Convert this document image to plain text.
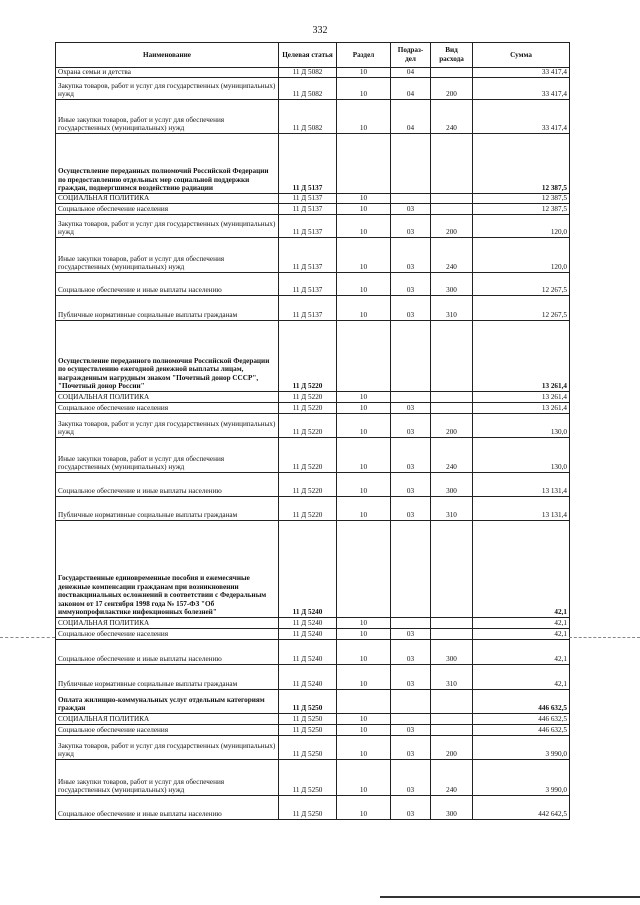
332
Наименование	Целевая статья	Раздел	Подраз-дел	Вид расхода	Сумма
Охрана семьи и детства	11 Д 5082	10	04		33 417,4
Закупка товаров, работ и услуг для государственных (муниципальных) нужд	11 Д 5082	10	04	200	33 417,4
Иные закупки товаров, работ и услуг для обеспечения государственных (муниципальных) нужд	11 Д 5082	10	04	240	33 417,4
Осуществление переданных полномочий Российской Федерации по предоставлению отдельных мер социальной поддержки граждан, подвергшимся воздействию радиации	11 Д 5137				12 387,5
СОЦИАЛЬНАЯ ПОЛИТИКА	11 Д 5137	10			12 387,5
Социальное обеспечение населения	11 Д 5137	10	03		12 387,5
Закупка товаров, работ и услуг для государственных (муниципальных) нужд	11 Д 5137	10	03	200	120,0
Иные закупки товаров, работ и услуг для обеспечения государственных (муниципальных) нужд	11 Д 5137	10	03	240	120,0
Социальное обеспечение и иные выплаты населению	11 Д 5137	10	03	300	12 267,5
Публичные нормативные социальные выплаты гражданам	11 Д 5137	10	03	310	12 267,5
Осуществление переданного полномочия Российской Федерации по осуществлению ежегодной денежной выплаты лицам, награжденным нагрудным знаком "Почетный донор СССР", "Почетный донор России"	11 Д 5220				13 261,4
СОЦИАЛЬНАЯ ПОЛИТИКА	11 Д 5220	10			13 261,4
Социальное обеспечение населения	11 Д 5220	10	03		13 261,4
Закупка товаров, работ и услуг для государственных (муниципальных) нужд	11 Д 5220	10	03	200	130,0
Иные закупки товаров, работ и услуг для обеспечения государственных (муниципальных) нужд	11 Д 5220	10	03	240	130,0
Социальное обеспечение и иные выплаты населению	11 Д 5220	10	03	300	13 131,4
Публичные нормативные социальные выплаты гражданам	11 Д 5220	10	03	310	13 131,4
Государственные единовременные пособия и ежемесячные денежные компенсации гражданам при возникновении поствакцинальных осложнений в соответствии с Федеральным законом от 17 сентября 1998 года № 157-ФЗ "Об иммунопрофилактике инфекционных болезней"	11 Д 5240				42,1
СОЦИАЛЬНАЯ ПОЛИТИКА	11 Д 5240	10			42,1
Социальное обеспечение населения	11 Д 5240	10	03		42,1
Социальное обеспечение и иные выплаты населению	11 Д 5240	10	03	300	42,1
Публичные нормативные социальные выплаты гражданам	11 Д 5240	10	03	310	42,1
Оплата жилищно-коммунальных услуг отдельным категориям граждан	11 Д 5250				446 632,5
СОЦИАЛЬНАЯ ПОЛИТИКА	11 Д 5250	10			446 632,5
Социальное обеспечение населения	11 Д 5250	10	03		446 632,5
Закупка товаров, работ и услуг для государственных (муниципальных) нужд	11 Д 5250	10	03	200	3 990,0
Иные закупки товаров, работ и услуг для обеспечения государственных (муниципальных) нужд	11 Д 5250	10	03	240	3 990,0
Социальное обеспечение и иные выплаты населению	11 Д 5250	10	03	300	442 642,5
